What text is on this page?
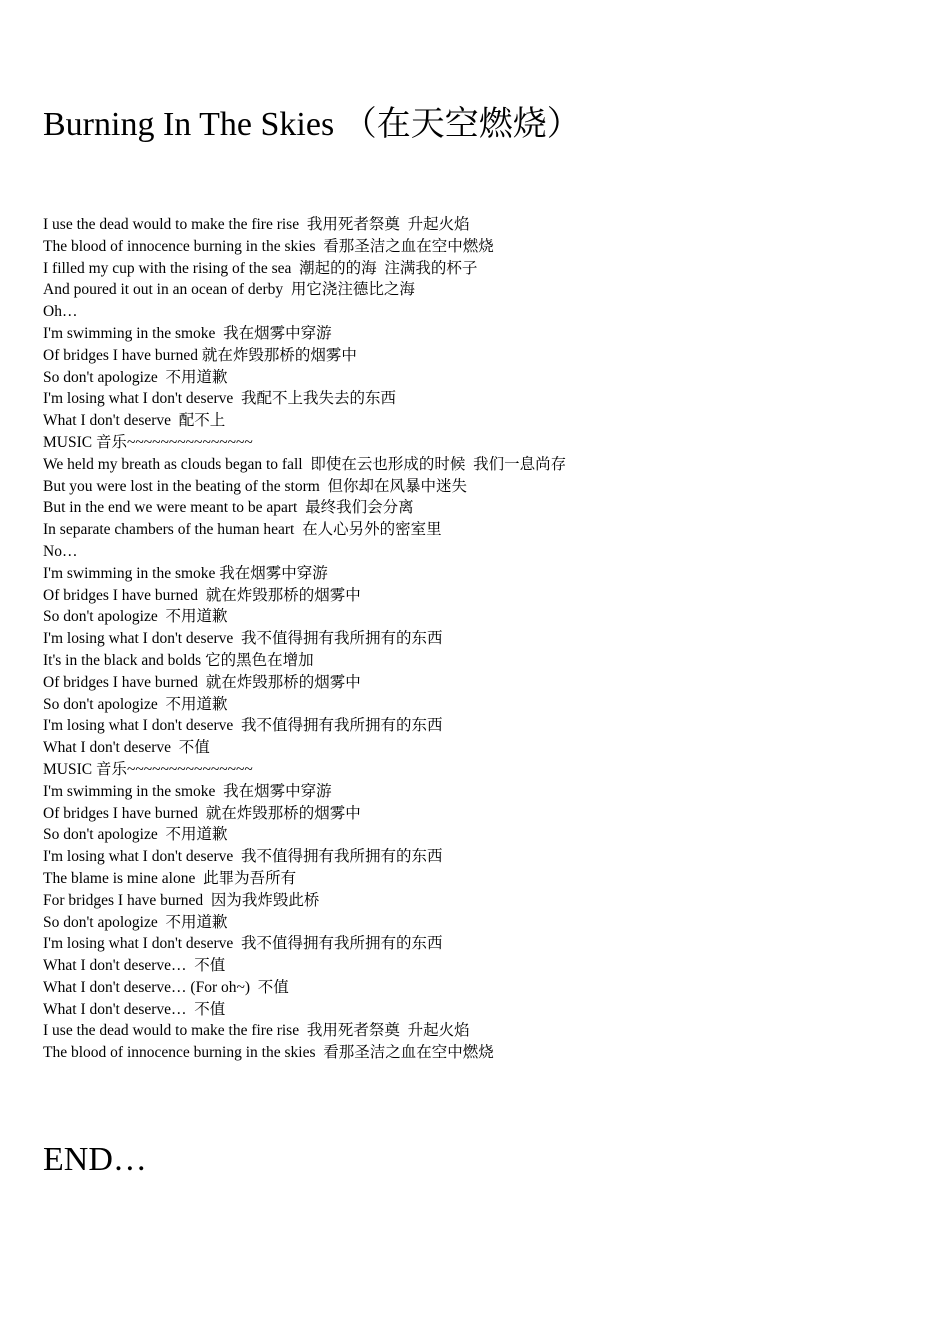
Burning In The Skies （在天空燃烧）
I use the dead would to make the fire rise  我用死者祭奠  升起火焰
The blood of innocence burning in the skies  看那圣洁之血在空中燃烧
I filled my cup with the rising of the sea  潮起的的海  注满我的杯子
And poured it out in an ocean of derby  用它浇注德比之海
Oh…
I'm swimming in the smoke  我在烟雾中穿游
Of bridges I have burned 就在炸毁那桥的烟雾中
So don't apologize  不用道歉
I'm losing what I don't deserve  我配不上我失去的东西
What I don't deserve  配不上
MUSIC 音乐~~~~~~~~~~~~~~~
We held my breath as clouds began to fall  即使在云也形成的时候  我们一息尚存
But you were lost in the beating of the storm  但你却在风暴中迷失
But in the end we were meant to be apart  最终我们会分离
In separate chambers of the human heart  在人心另外的密室里
No…
I'm swimming in the smoke 我在烟雾中穿游
Of bridges I have burned  就在炸毁那桥的烟雾中
So don't apologize  不用道歉
I'm losing what I don't deserve  我不值得拥有我所拥有的东西
It's in the black and bolds 它的黑色在增加
Of bridges I have burned  就在炸毁那桥的烟雾中
So don't apologize  不用道歉
I'm losing what I don't deserve  我不值得拥有我所拥有的东西
What I don't deserve  不值
MUSIC 音乐~~~~~~~~~~~~~~~
I'm swimming in the smoke  我在烟雾中穿游
Of bridges I have burned  就在炸毁那桥的烟雾中
So don't apologize  不用道歉
I'm losing what I don't deserve  我不值得拥有我所拥有的东西
The blame is mine alone  此罪为吾所有
For bridges I have burned  因为我炸毁此桥
So don't apologize  不用道歉
I'm losing what I don't deserve  我不值得拥有我所拥有的东西
What I don't deserve…  不值
What I don't deserve… (For oh~)  不值
What I don't deserve…  不值
I use the dead would to make the fire rise  我用死者祭奠  升起火焰
The blood of innocence burning in the skies  看那圣洁之血在空中燃烧

END…
